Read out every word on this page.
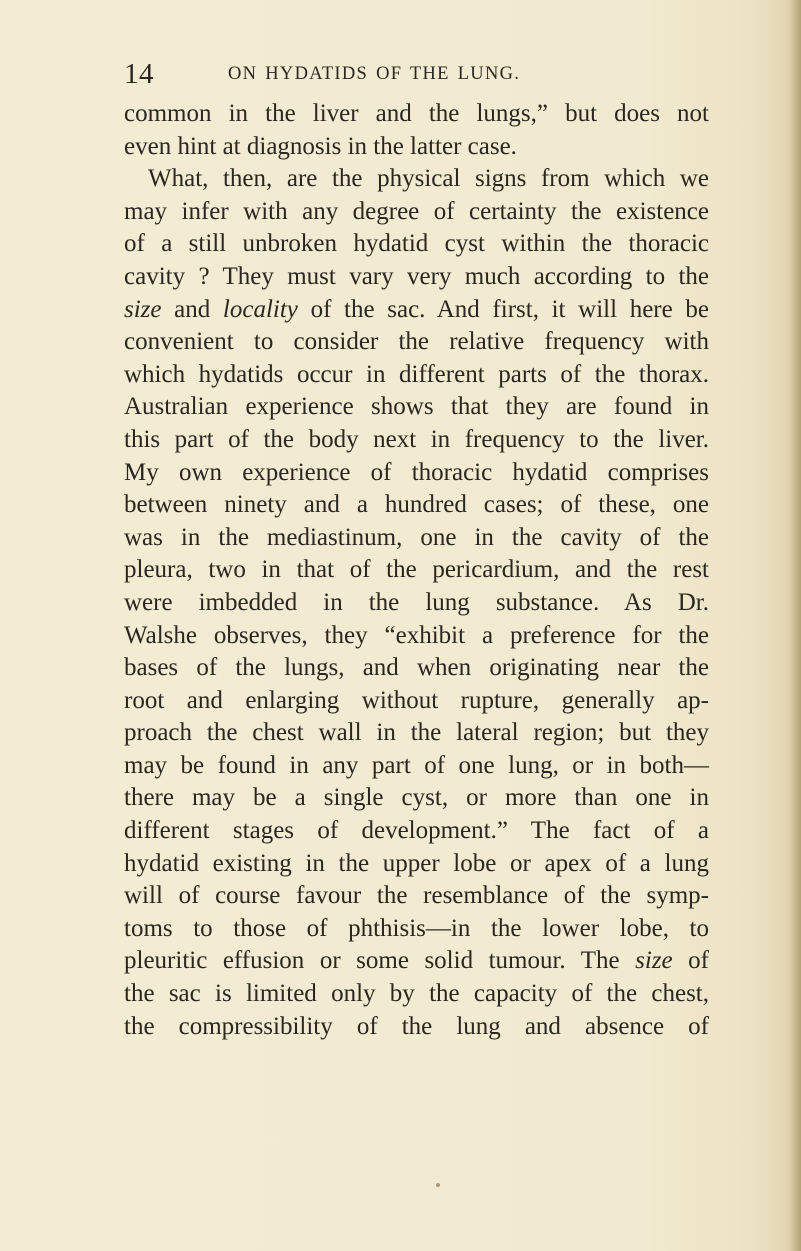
14	ON HYDATIDS OF THE LUNG.
common in the liver and the lungs,” but does not
even hint at diagnosis in the latter case.
What, then, are the physical signs from which we
may infer with any degree of certainty the existence
of a still unbroken hydatid cyst within the thoracic
cavity ? They must vary very much according to the
size and locality of the sac. And first, it will here be
convenient to consider the relative frequency with
which hydatids occur in different parts of the thorax.
Australian experience shows that they are found in
this part of the body next in frequency to the liver.
My own experience of thoracic hydatid comprises
between ninety and a hundred cases; of these, one
was in the mediastinum, one in the cavity of the
pleura, two in that of the pericardium, and the rest
were imbedded in the lung substance. As Dr.
Walshe observes, they “exhibit a preference for the
bases of the lungs, and when originating near the
root and enlarging without rupture, generally ap-
proach the chest wall in the lateral region; but they
may be found in any part of one lung, or in both—
there may be a single cyst, or more than one in
different stages of development.” The fact of a
hydatid existing in the upper lobe or apex of a lung
will of course favour the resemblance of the symp-
toms to those of phthisis—in the lower lobe, to
pleuritic effusion or some solid tumour. The size of
the sac is limited only by the capacity of the chest,
the compressibility of the lung and absence of
